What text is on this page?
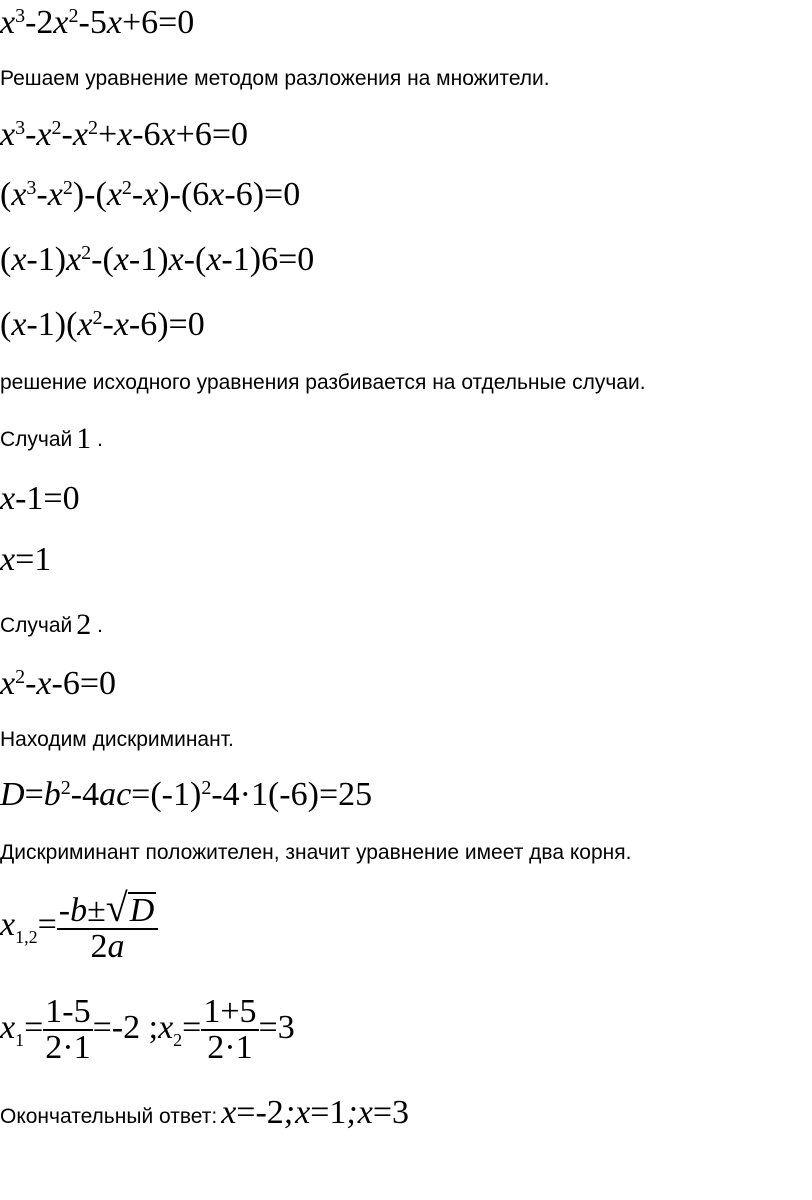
$x^3-2x^2-5x+6=0$
Решаем уравнение методом разложения на множители.
$x^3-x^2-x^2+x-6x+6=0$
$(x^3-x^2)-(x^2-x)-(6x-6)=0$
$(x-1)x^2-(x-1)x-(x-1)6=0$
$(x-1)(x^2-x-6)=0$
решение исходного уравнения разбивается на отдельные случаи.
Случай 1 .
x-1=0
x=1
Случай 2 .
$x^2-x-6=0$
Находим дискриминант.
$D=b^2-4ac=(-1)^2-4\cdot 1(-6)=25$
Дискриминант положителен, значит уравнение имеет два корня.
$x_{1,2}= \frac{-b\pm √ D}{2a}$
$x_1= \frac{1-5}{2\cdot 1} =-2$ $;x_2= \frac{1+5}{2\cdot 1} =3$
Окончательный ответ: x=-2;x=1;x=3
